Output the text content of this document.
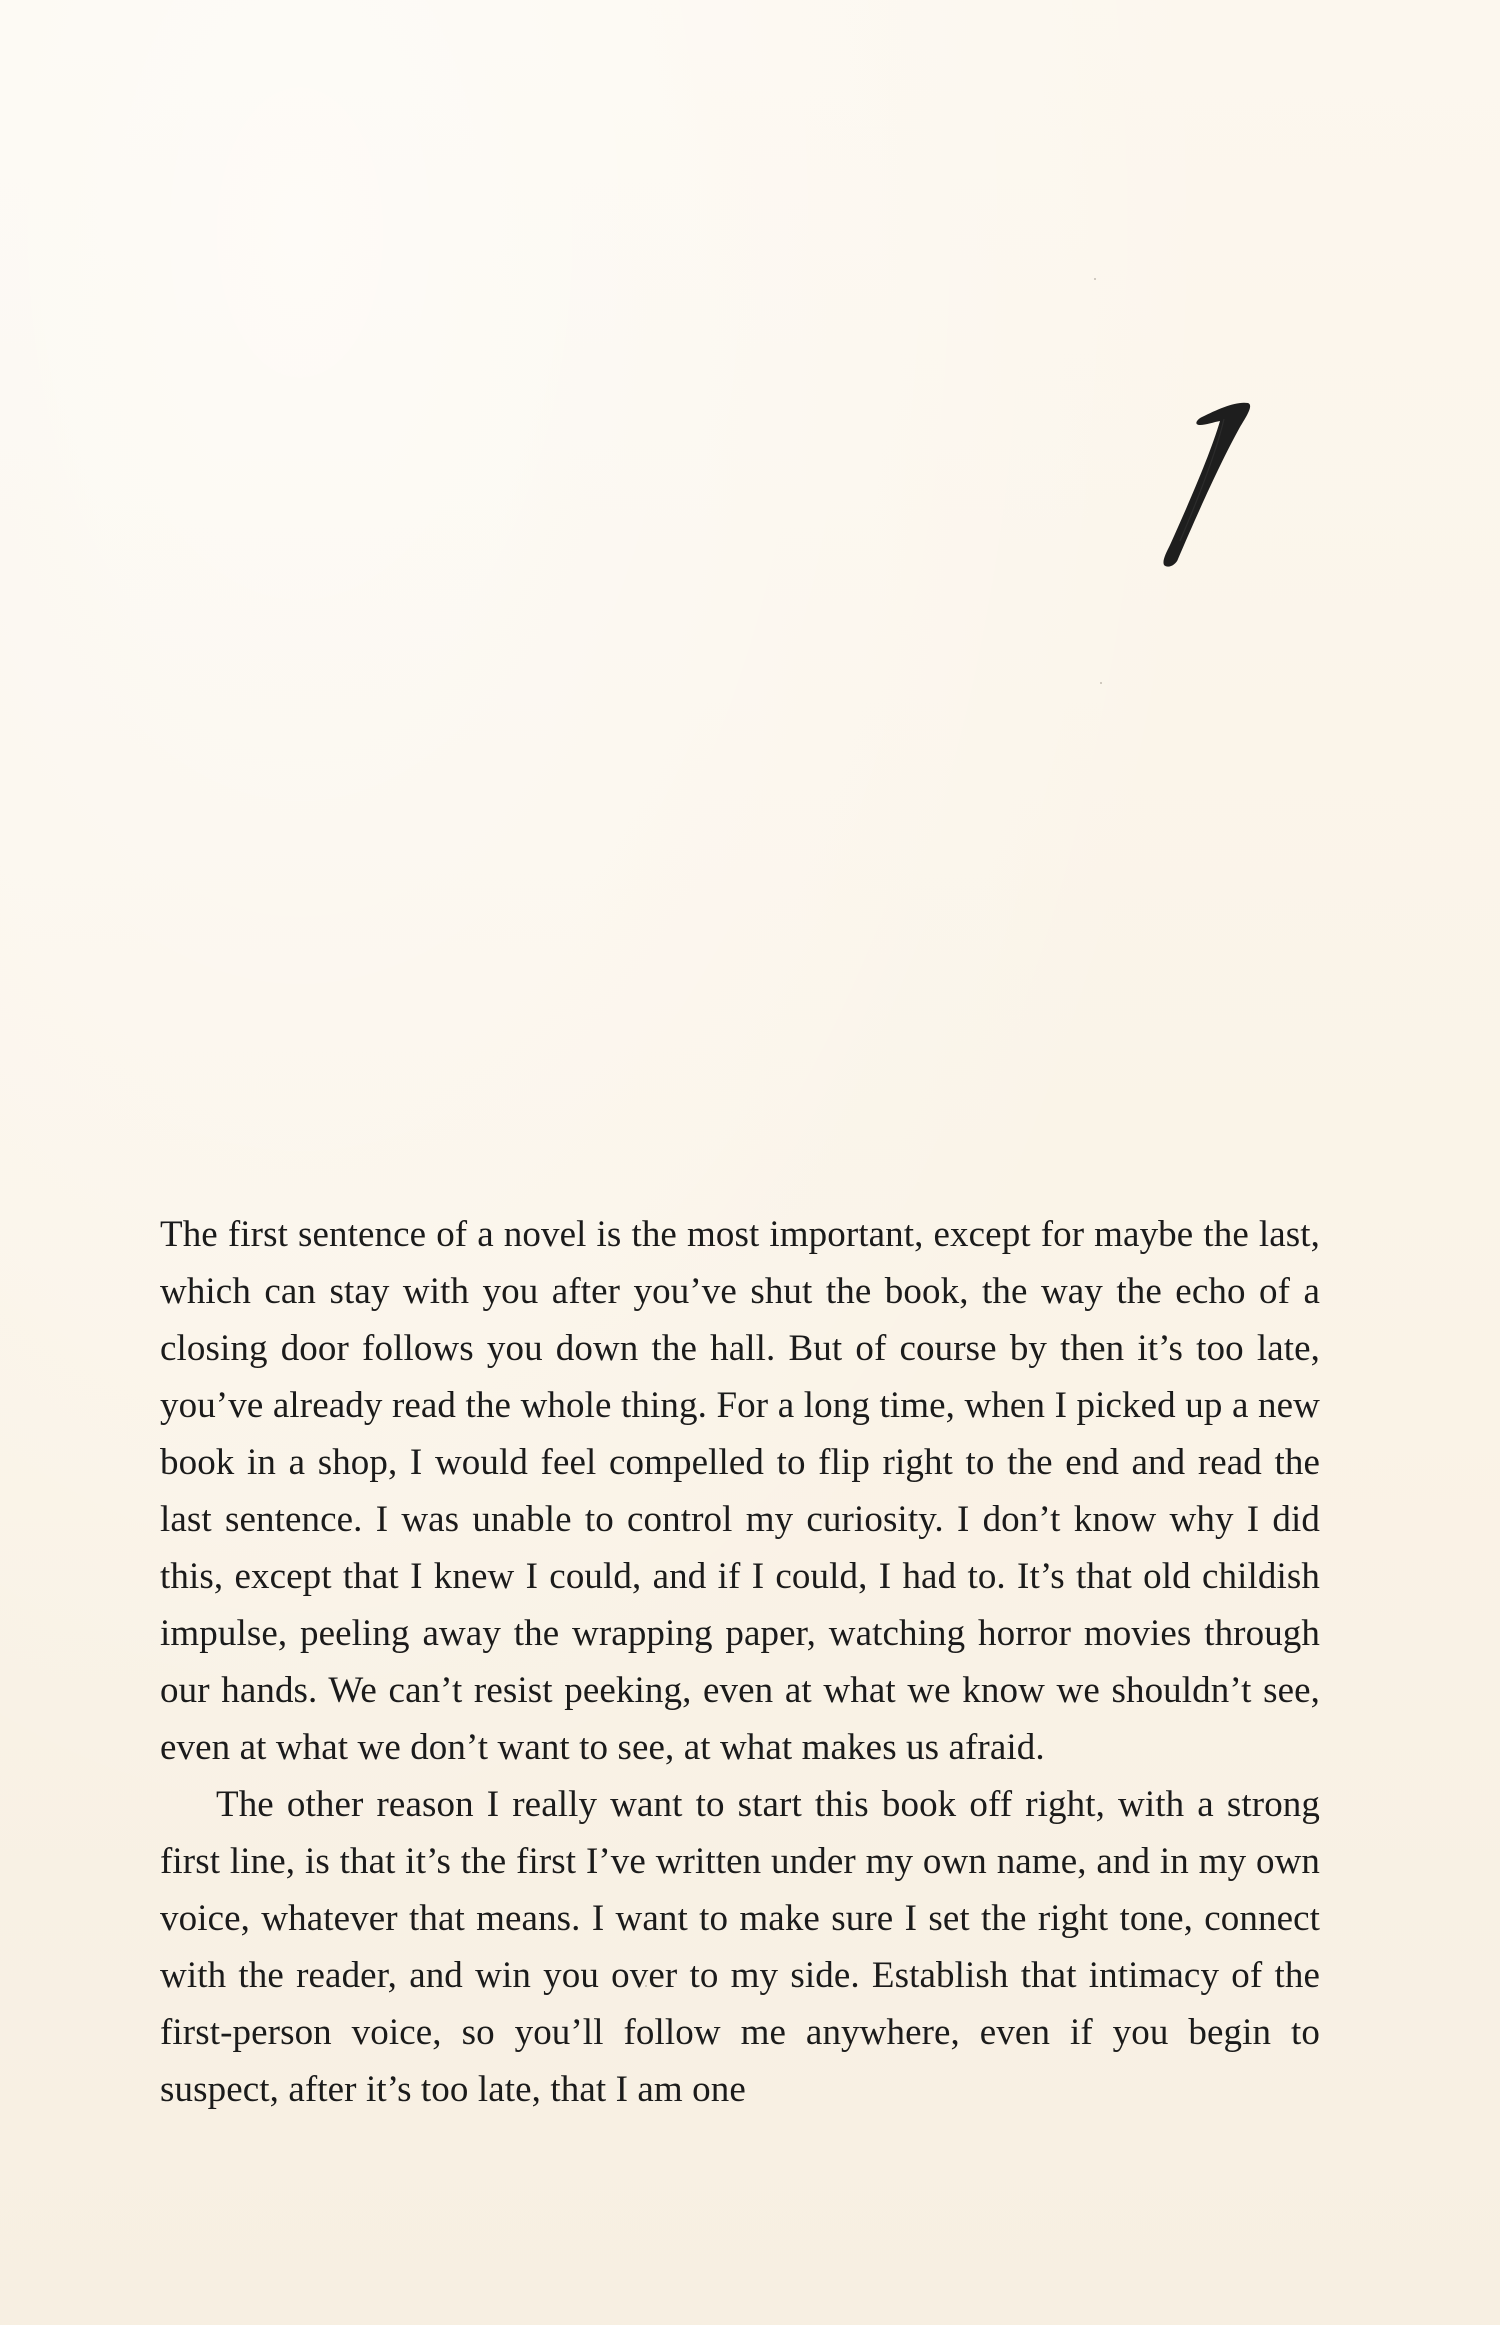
The first sentence of a novel is the most important, except for maybe the last, which can stay with you after you’ve shut the book, the way the echo of a closing door follows you down the hall. But of course by then it’s too late, you’ve already read the whole thing. For a long time, when I picked up a new book in a shop, I would feel compelled to flip right to the end and read the last sentence. I was unable to control my curiosity. I don’t know why I did this, except that I knew I could, and if I could, I had to. It’s that old childish impulse, peeling away the wrapping paper, watching horror movies through our hands. We can’t resist peeking, even at what we know we shouldn’t see, even at what we don’t want to see, at what makes us afraid.

The other reason I really want to start this book off right, with a strong first line, is that it’s the first I’ve written under my own name, and in my own voice, whatever that means. I want to make sure I set the right tone, connect with the reader, and win you over to my side. Establish that intimacy of the first-person voice, so you’ll follow me anywhere, even if you begin to suspect, after it’s too late, that I am one
